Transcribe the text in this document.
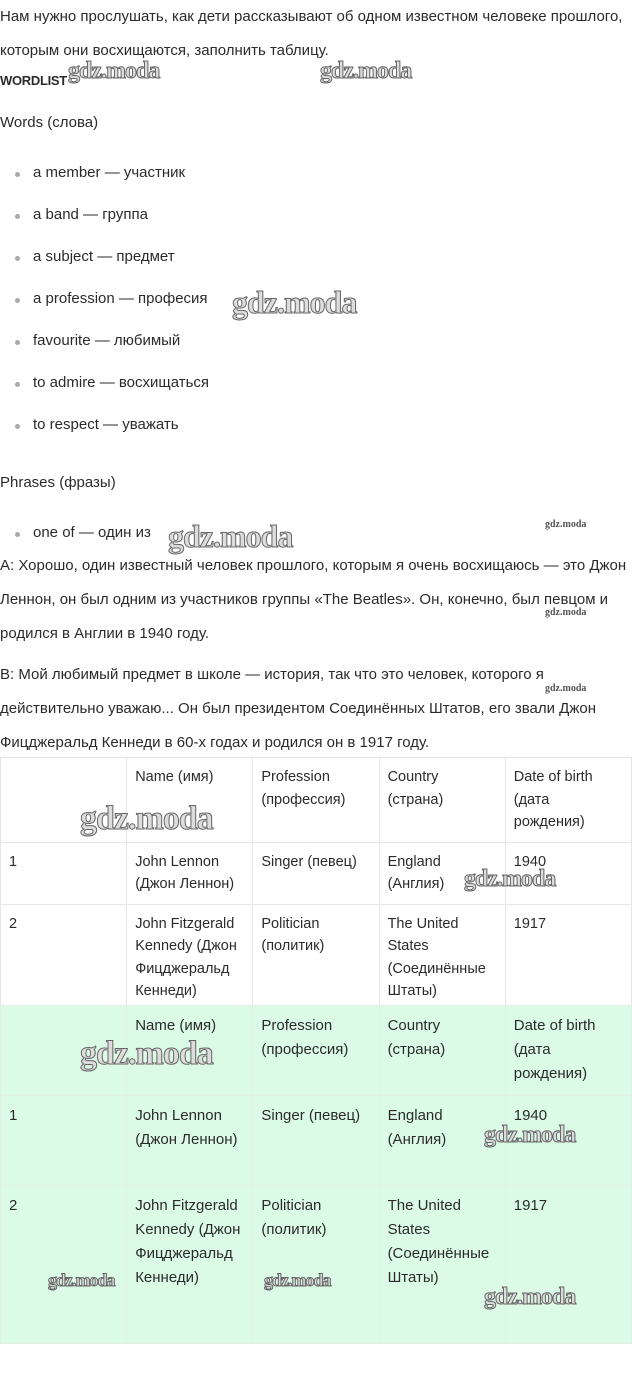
Нам нужно прослушать, как дети рассказывают об одном известном человеке прошлого, которым они восхищаются, заполнить таблицу.

WORDLIST

Words (слова)

a member — участник
a band — группа
a subject — предмет
a profession — професия
favourite — любимый
to admire — восхищаться
to respect — уважать

Phrases (фразы)

one of — один из

A: Хорошо, один известный человек прошлого, которым я очень восхищаюсь — это Джон Леннон, он был одним из участников группы «The Beatles». Он, конечно, был певцом и родился в Англии в 1940 году.

B: Мой любимый предмет в школе — история, так что это человек, которого я действительно уважаю... Он был президентом Соединённых Штатов, его звали Джон Фицджеральд Кеннеди в 60-х годах и родился он в 1917 году.

	Name (имя)	Profession (профессия)	Country (страна)	Date of birth (дата рождения)
1	John Lennon (Джон Леннон)	Singer (певец)	England (Англия)	1940
2	John Fitzgerald Kennedy (Джон Фицджеральд Кеннеди)	Politician (политик)	The United States (Соединённые Штаты)	1917
	Name (имя)	Profession (профессия)	Country (страна)	Date of birth (дата рождения)
1	John Lennon (Джон Леннон)	Singer (певец)	England (Англия)	1940
2	John Fitzgerald Kennedy (Джон Фицджеральд Кеннеди)	Politician (политик)	The United States (Соединённые Штаты)	1917
gdz.moda	gdz.moda
gdz.moda
gdz.moda	gdz.moda
gdz.moda
gdz.moda
gdz.moda
gdz.moda
gdz.moda
gdz.moda
gdz.moda	gdz.moda
gdz.moda
